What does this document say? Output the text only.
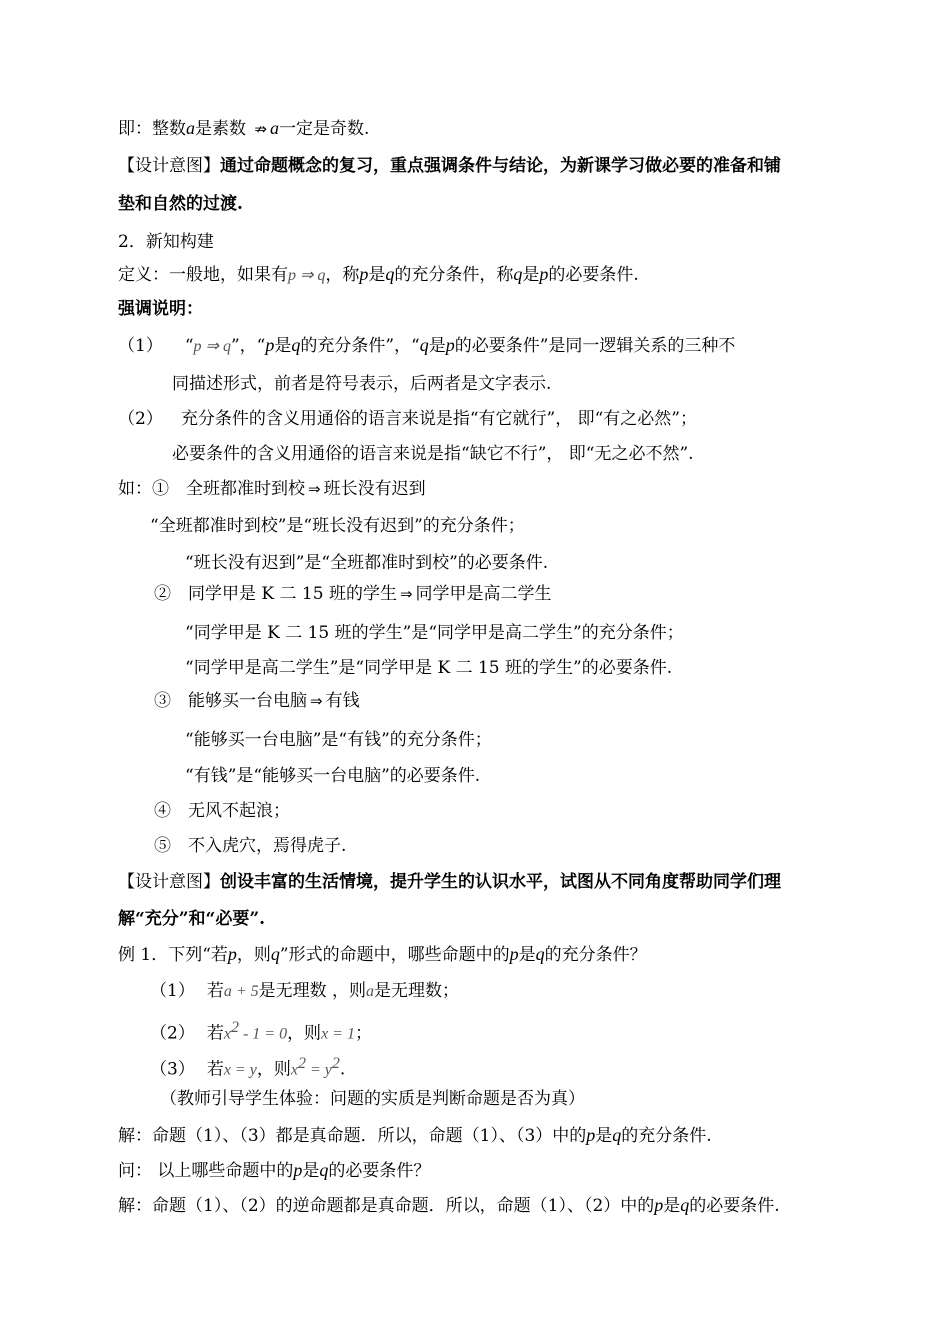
即：整数a是素数 ⇏ a一定是奇数.
【设计意图】通过命题概念的复习，重点强调条件与结论，为新课学习做必要的准备和铺
垫和自然的过渡.
2．新知构建
定义：一般地，如果有p ⇒ q，称p是q的充分条件，称q是p的必要条件.
强调说明：
（1） “p ⇒ q”，“p是q的充分条件”，“q是p的必要条件”是同一逻辑关系的三种不
同描述形式，前者是符号表示，后两者是文字表示.
（2） 充分条件的含义用通俗的语言来说是指“有它就行”， 即“有之必然”；
必要条件的含义用通俗的语言来说是指“缺它不行”， 即“无之必不然”.
如：①　全班都准时到校 ⇒ 班长没有迟到
“全班都准时到校”是“班长没有迟到”的充分条件；
“班长没有迟到”是“全班都准时到校”的必要条件.
②　同学甲是 K 二 15 班的学生 ⇒ 同学甲是高二学生
“同学甲是 K 二 15 班的学生”是“同学甲是高二学生”的充分条件；
“同学甲是高二学生”是“同学甲是 K 二 15 班的学生”的必要条件.
③　能够买一台电脑 ⇒ 有钱
“能够买一台电脑”是“有钱”的充分条件；
“有钱”是“能够买一台电脑”的必要条件.
④　无风不起浪；
⑤　不入虎穴，焉得虎子.
【设计意图】创设丰富的生活情境，提升学生的认识水平，试图从不同角度帮助同学们理
解“充分”和“必要”.
例 1．下列“若p，则q”形式的命题中，哪些命题中的p是q的充分条件？
（1） 若a + 5是无理数 ，则a是无理数；
（2） 若$x^2 - 1 = 0$，则x = 1；
（3） 若x = y，则$x^2 = y^2$.
（教师引导学生体验：问题的实质是判断命题是否为真）
解：命题（1）、（3）都是真命题．所以，命题（1）、（3）中的p是q的充分条件.
问： 以上哪些命题中的p是q的必要条件？
解：命题（1）、（2）的逆命题都是真命题．所以，命题（1）、（2）中的p是q的必要条件.
